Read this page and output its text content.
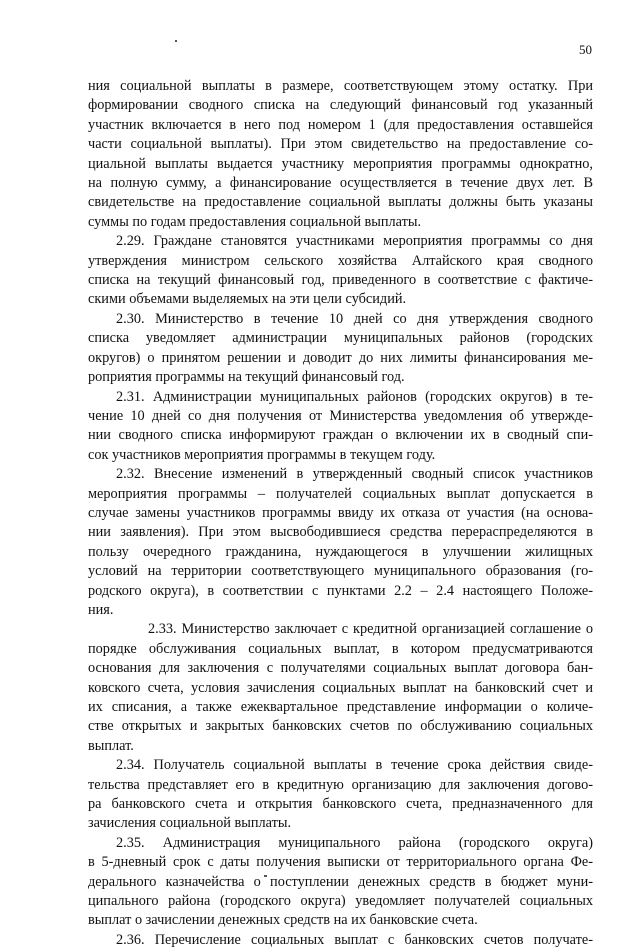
50
ния социальной выплаты в размере, соответствующем этому остатку. При
формировании сводного списка на следующий финансовый год указанный
участник включается в него под номером 1 (для предоставления оставшейся
части социальной выплаты). При этом свидетельство на предоставление со-
циальной выплаты выдается участнику мероприятия программы однократно,
на полную сумму, а финансирование осуществляется в течение двух лет. В
свидетельстве на предоставление социальной выплаты должны быть указаны
суммы по годам предоставления социальной выплаты.
2.29. Граждане становятся участниками мероприятия программы со дня
утверждения министром сельского хозяйства Алтайского края сводного
списка на текущий финансовый год, приведенного в соответствие с фактиче-
скими объемами выделяемых на эти цели субсидий.
2.30. Министерство в течение 10 дней со дня утверждения сводного
списка уведомляет администрации муниципальных районов (городских
округов) о принятом решении и доводит до них лимиты финансирования ме-
роприятия программы на текущий финансовый год.
2.31. Администрации муниципальных районов (городских округов) в те-
чение 10 дней со дня получения от Министерства уведомления об утвержде-
нии сводного списка информируют граждан о включении их в сводный спи-
сок участников мероприятия программы в текущем году.
2.32. Внесение изменений в утвержденный сводный список участников
мероприятия программы – получателей социальных выплат допускается в
случае замены участников программы ввиду их отказа от участия (на основа-
нии заявления). При этом высвободившиеся средства перераспределяются в
пользу очередного гражданина, нуждающегося в улучшении жилищных
условий на территории соответствующего муниципального образования (го-
родского округа), в соответствии с пунктами 2.2 – 2.4 настоящего Положе-
ния.
2.33. Министерство заключает с кредитной организацией соглашение о
порядке обслуживания социальных выплат, в котором предусматриваются
основания для заключения с получателями социальных выплат договора бан-
ковского счета, условия зачисления социальных выплат на банковский счет и
их списания, а также ежеквартальное представление информации о количе-
стве открытых и закрытых банковских счетов по обслуживанию социальных
выплат.
2.34. Получатель социальной выплаты в течение срока действия свиде-
тельства представляет его в кредитную организацию для заключения догово-
ра банковского счета и открытия банковского счета, предназначенного для
зачисления социальной выплаты.
2.35. Администрация муниципального района (городского округа)
в 5-дневный срок с даты получения выписки от территориального органа Фе-
дерального казначейства о поступлении денежных средств в бюджет муни-
ципального района (городского округа) уведомляет получателей социальных
выплат о зачислении денежных средств на их банковские счета.
2.36. Перечисление социальных выплат с банковских счетов получате-
